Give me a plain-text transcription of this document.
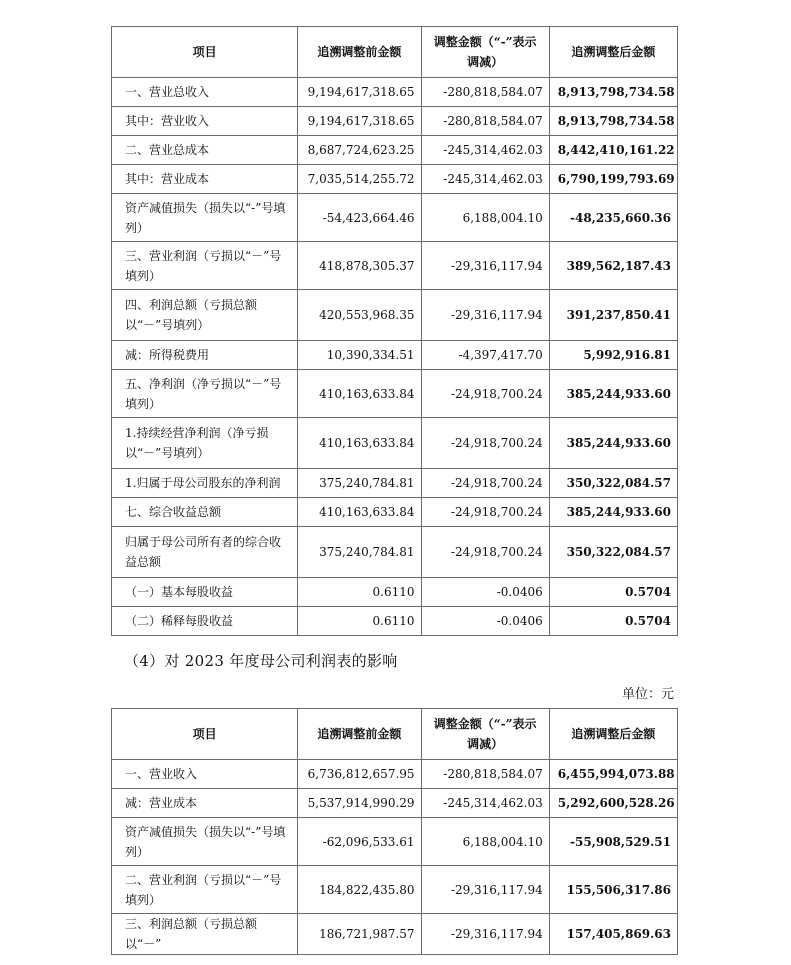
项目	追溯调整前金额	调整金额（“-”表示调减）	追溯调整后金额
一、营业总收入	9,194,617,318.65	-280,818,584.07	8,913,798,734.58
其中：营业收入	9,194,617,318.65	-280,818,584.07	8,913,798,734.58
二、营业总成本	8,687,724,623.25	-245,314,462.03	8,442,410,161.22
其中：营业成本	7,035,514,255.72	-245,314,462.03	6,790,199,793.69
资产减值损失（损失以“-”号填列）	-54,423,664.46	6,188,004.10	-48,235,660.36
三、营业利润（亏损以“－”号填列）	418,878,305.37	-29,316,117.94	389,562,187.43
四、利润总额（亏损总额以“－”号填列）	420,553,968.35	-29,316,117.94	391,237,850.41
减：所得税费用	10,390,334.51	-4,397,417.70	5,992,916.81
五、净利润（净亏损以“－”号填列）	410,163,633.84	-24,918,700.24	385,244,933.60
1.持续经营净利润（净亏损以“－”号填列）	410,163,633.84	-24,918,700.24	385,244,933.60
1.归属于母公司股东的净利润	375,240,784.81	-24,918,700.24	350,322,084.57
七、综合收益总额	410,163,633.84	-24,918,700.24	385,244,933.60
归属于母公司所有者的综合收益总额	375,240,784.81	-24,918,700.24	350,322,084.57
（一）基本每股收益	0.6110	-0.0406	0.5704
（二）稀释每股收益	0.6110	-0.0406	0.5704
（4）对 2023 年度母公司利润表的影响
单位：元
项目	追溯调整前金额	调整金额（“-”表示调减）	追溯调整后金额
一、营业收入	6,736,812,657.95	-280,818,584.07	6,455,994,073.88
减：营业成本	5,537,914,990.29	-245,314,462.03	5,292,600,528.26
资产减值损失（损失以“-”号填列）	-62,096,533.61	6,188,004.10	-55,908,529.51
二、营业利润（亏损以“－”号填列）	184,822,435.80	-29,316,117.94	155,506,317.86
三、利润总额（亏损总额以“－”	186,721,987.57	-29,316,117.94	157,405,869.63
